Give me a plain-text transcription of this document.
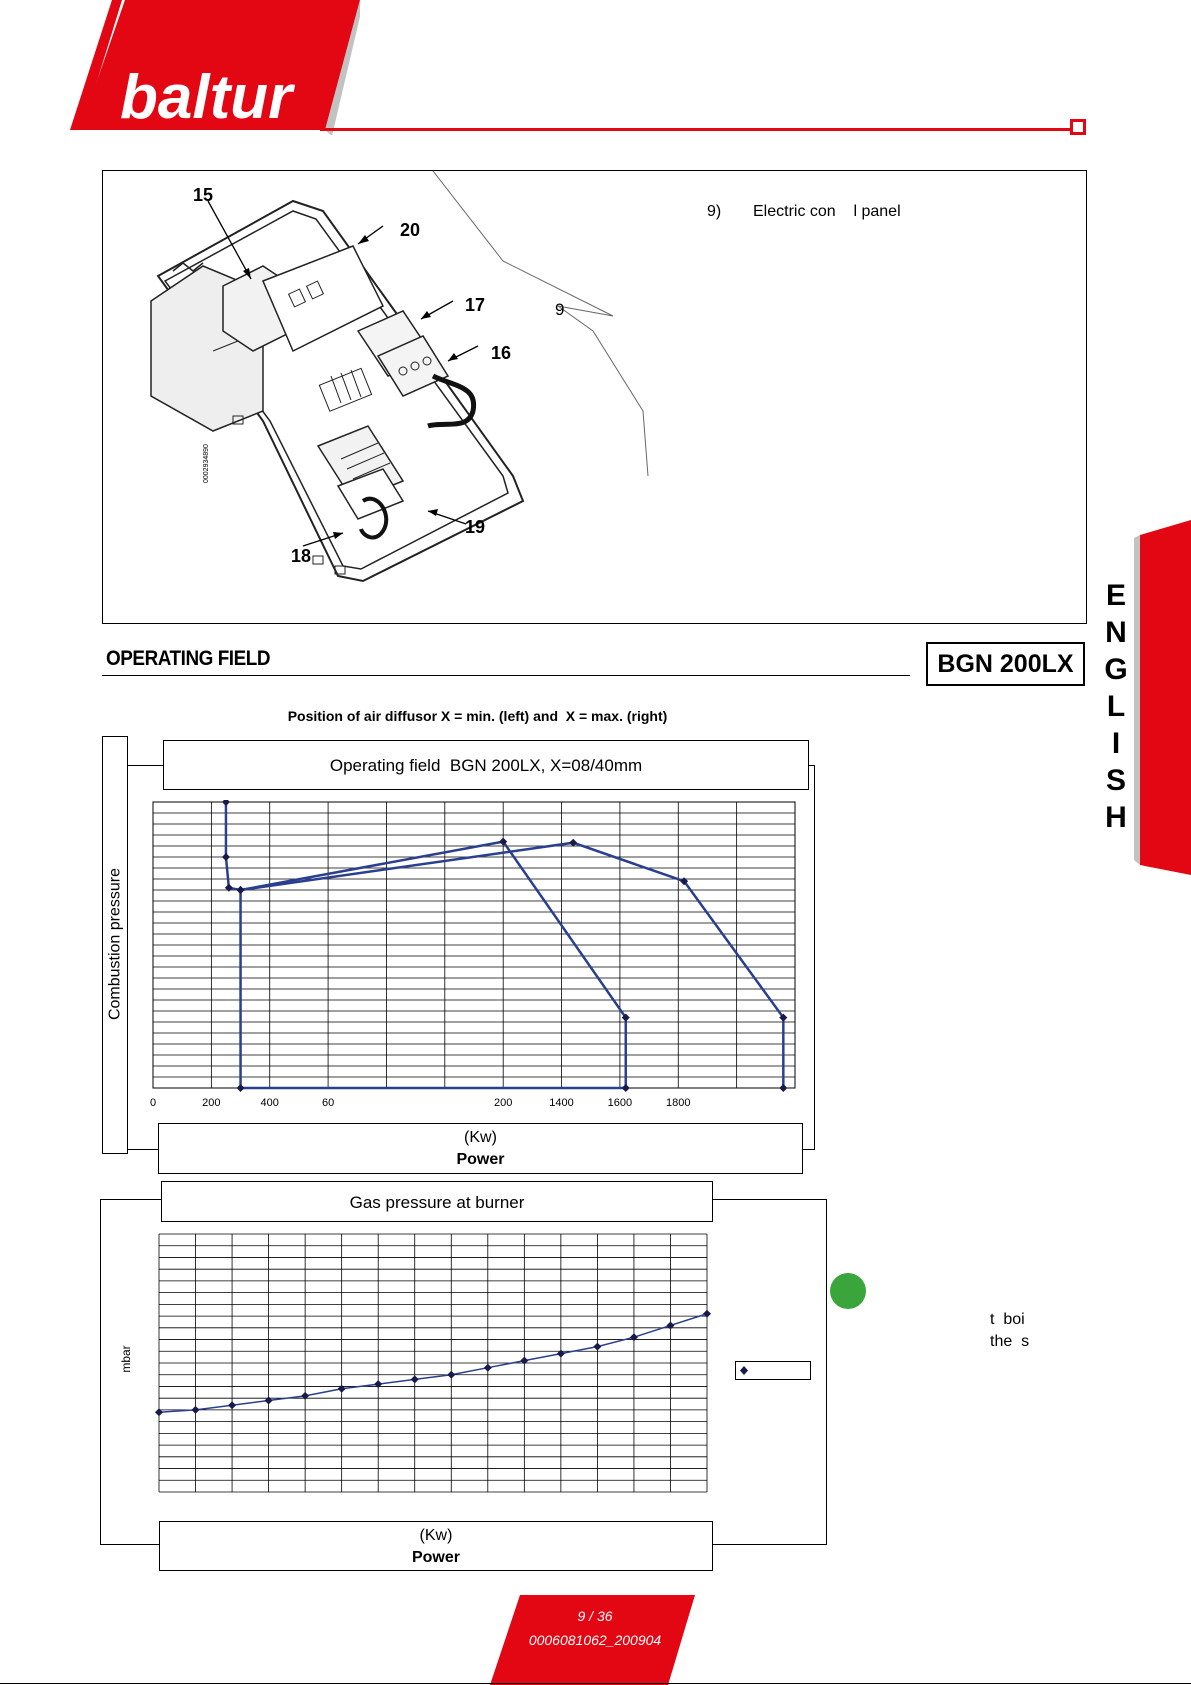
baltur
15
20
17
16
19
18
9
0002934890
9) Electric con    l panel
E
N
G
L
I
S
H
OPERATING FIELD	BGN 200LX
Position of air diffusor X = min. (left) and  X = max. (right)
Combustion pressure
Operating field  BGN 200LX, X=08/40mm
0	200	400	60	200	1400	1600	1800
(Kw)
Power
Gas pressure at burner
mbar
(Kw)
Power
t  boi
the  s
9 / 36
0006081062_200904
